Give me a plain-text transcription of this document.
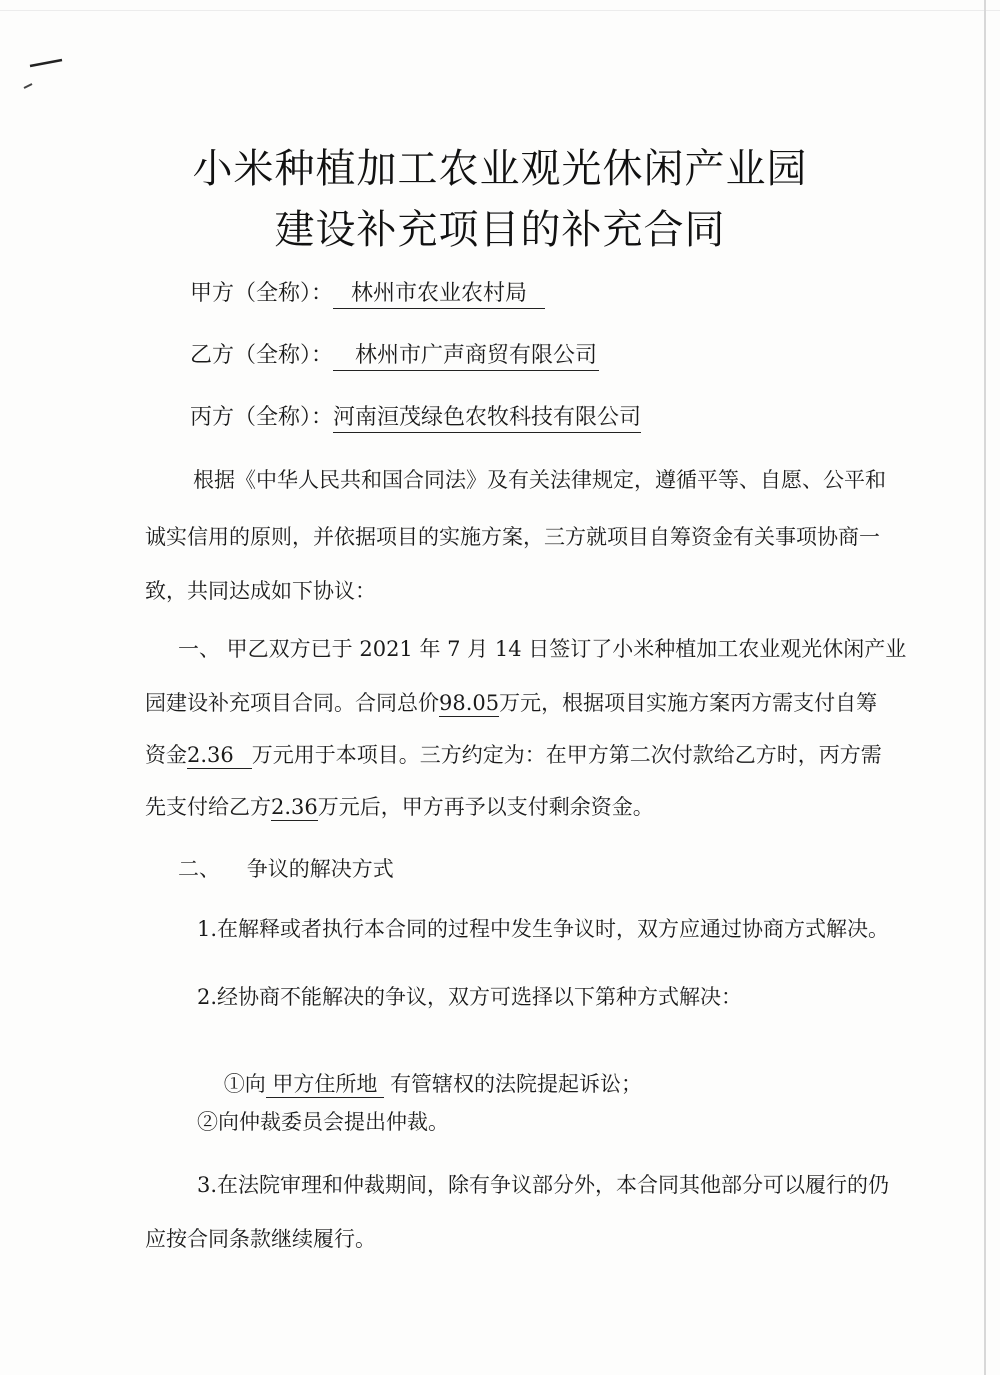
小米种植加工农业观光休闲产业园
建设补充项目的补充合同
甲方（全称）： 林州市农业农村局
乙方（全称）： 林州市广声商贸有限公司
丙方（全称）：河南洹茂绿色农牧科技有限公司
根据《中华人民共和国合同法》及有关法律规定，遵循平等、自愿、公平和
诚实信用的原则，并依据项目的实施方案，三方就项目自筹资金有关事项协商一
致，共同达成如下协议：
一、 甲乙双方已于 2021 年 7 月 14 日签订了小米种植加工农业观光休闲产业
园建设补充项目合同。合同总价98.05万元，根据项目实施方案丙方需支付自筹
资金2.36 万元用于本项目。三方约定为：在甲方第二次付款给乙方时，丙方需
先支付给乙方2.36万元后，甲方再予以支付剩余资金。
二、    争议的解决方式
1.在解释或者执行本合同的过程中发生争议时，双方应通过协商方式解决。
2.经协商不能解决的争议，双方可选择以下第种方式解决：

①向 甲方住所地 有管辖权的法院提起诉讼；

②向仲裁委员会提出仲裁。
3.在法院审理和仲裁期间，除有争议部分外，本合同其他部分可以履行的仍
应按合同条款继续履行。
